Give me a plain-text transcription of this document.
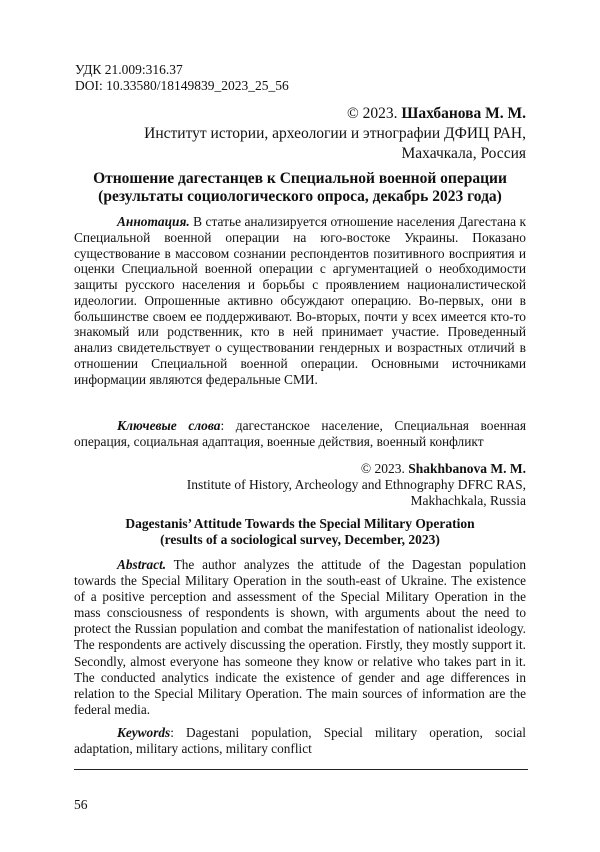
УДК 21.009:316.37
DOI: 10.33580/18149839_2023_25_56
© 2023. Шахбанова М. М.
Институт истории, археологии и этнографии ДФИЦ РАН,
Махачкала, Россия
Отношение дагестанцев к Специальной военной операции
(результаты социологического опроса, декабрь 2023 года)
Аннотация. В статье анализируется отношение населения Дагестана к Специальной военной операции на юго-востоке Украины. Показано существование в массовом сознании респондентов позитивного восприятия и оценки Специальной военной операции с аргументацией о необходимости защиты русского населения и борьбы с проявлением националистической идеологии. Опрошенные активно обсуждают операцию. Во-первых, они в большинстве своем ее поддерживают. Во-вторых, почти у всех имеется кто-то знакомый или родственник, кто в ней принимает участие. Проведенный анализ свидетельствует о существовании гендерных и возрастных отличий в отношении Специальной военной операции. Основными источниками информации являются федеральные СМИ.
Ключевые слова: дагестанское население, Специальная военная операция, социальная адаптация, военные действия, военный конфликт
© 2023. Shakhbanova M. M.
Institute of History, Archeology and Ethnography DFRC RAS,
Makhachkala, Russia
Dagestanis’ Attitude Towards the Special Military Operation
(results of a sociological survey, December, 2023)
Abstract. The author analyzes the attitude of the Dagestan population towards the Special Military Operation in the south-east of Ukraine. The existence of a positive perception and assessment of the Special Military Operation in the mass consciousness of respondents is shown, with arguments about the need to protect the Russian population and combat the manifestation of nationalist ideology. The respondents are actively discussing the operation. Firstly, they mostly support it. Secondly, almost everyone has someone they know or relative who takes part in it. The conducted analytics indicate the existence of gender and age differences in relation to the Special Military Operation. The main sources of information are the federal media.
Keywords: Dagestani population, Special military operation, social adaptation, military actions, military conflict
56
